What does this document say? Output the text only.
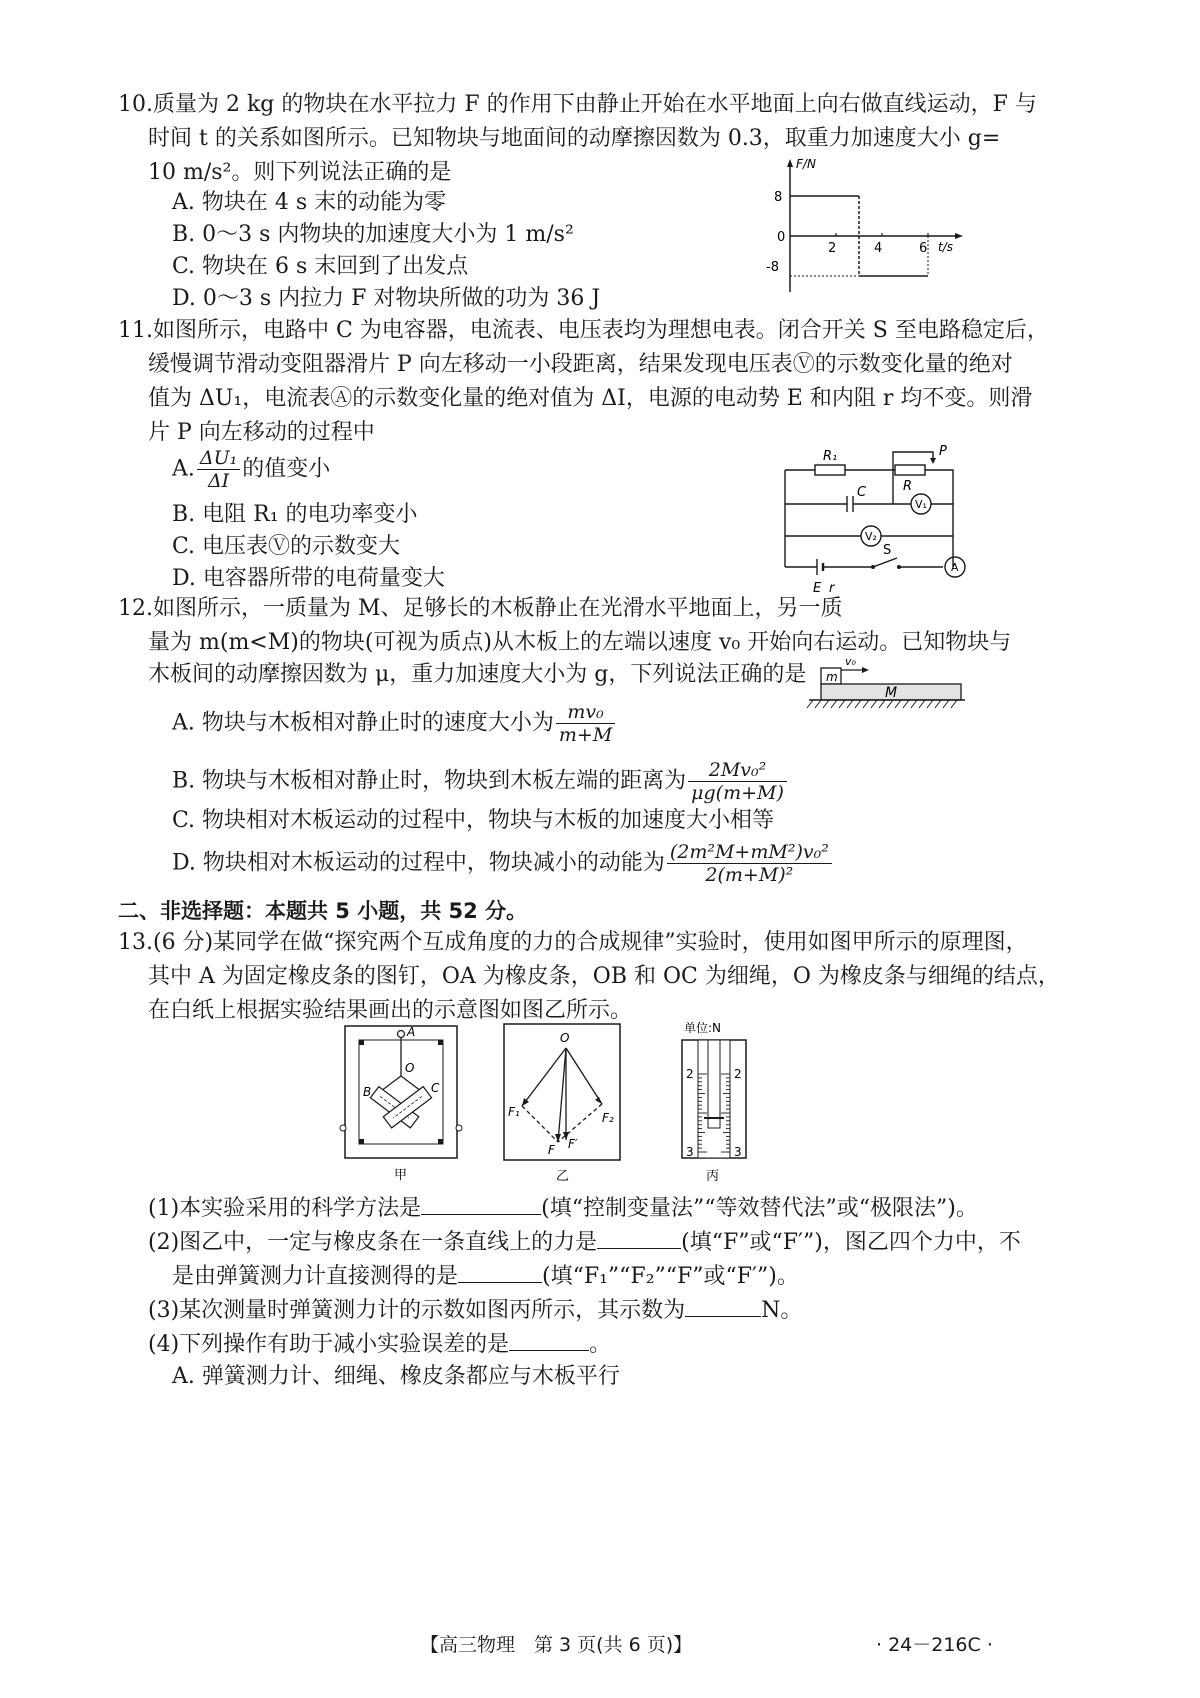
10.质量为 2 kg 的物块在水平拉力 F 的作用下由静止开始在水平地面上向右做直线运动，F 与
时间 t 的关系如图所示。已知物块与地面间的动摩擦因数为 0.3，取重力加速度大小 g=
10 m/s²。则下列说法正确的是
A. 物块在 4 s 末的动能为零
B. 0～3 s 内物块的加速度大小为 1 m/s²
C. 物块在 6 s 末回到了出发点
D. 0～3 s 内拉力 F 对物块所做的功为 36 J
F/N
t/s
8
0
-8
2	4	6
11.如图所示，电路中 C 为电容器，电流表、电压表均为理想电表。闭合开关 S 至电路稳定后，
缓慢调节滑动变阻器滑片 P 向左移动一小段距离，结果发现电压表Ⓥ的示数变化量的绝对
值为 ΔU₁，电流表Ⓐ的示数变化量的绝对值为 ΔI，电源的电动势 E 和内阻 r 均不变。则滑
片 P 向左移动的过程中
A. $\frac{\text{ΔU₁}}{\Delta I}$ 的值变小
B. 电阻 R₁ 的电功率变小
C. 电压表Ⓥ的示数变大
D. 电容器所带的电荷量变大
R₁	P
R
C
V₁
V₂
A
S
E r
12.如图所示，一质量为 M、足够长的木板静止在光滑水平地面上，另一质
量为 m(m<M)的物块(可视为质点)从木板上的左端以速度 v₀ 开始向右运动。已知物块与
木板间的动摩擦因数为 μ，重力加速度大小为 g，下列说法正确的是 m
v₀
M
A. 物块与木板相对静止时的速度大小为 $\frac{\text{mv₀}}{m+M}$
B. 物块与木板相对静止时，物块到木板左端的距离为 $\frac{\text{2Mv₀²}}{\mu g(m+M)}$
C. 物块相对木板运动的过程中，物块与木板的加速度大小相等
D. 物块相对木板运动的过程中，物块减小的动能为 $\frac{\text{(2m²M+mM²)v₀²}}{\text{2(m+M)²}}$
二、非选择题：本题共 5 小题，共 52 分。
13.(6 分)某同学在做“探究两个互成角度的力的合成规律”实验时，使用如图甲所示的原理图，
其中 A 为固定橡皮条的图钉，OA 为橡皮条，OB 和 OC 为细绳，O 为橡皮条与细绳的结点，
在白纸上根据实验结果画出的示意图如图乙所示。
A
O
B	C
甲
O
F₁	F₂
F F′
乙
单位:N
2	2
3	3
丙
(1)本实验采用的科学方法是	(填“控制变量法”“等效替代法”或“极限法”)。
(2)图乙中，一定与橡皮条在一条直线上的力是	(填“F”或“F′”)，图乙四个力中，不
是由弹簧测力计直接测得的是	(填“F₁”“F₂”“F”或“F′”)。
(3)某次测量时弹簧测力计的示数如图丙所示，其示数为	N。
(4)下列操作有助于减小实验误差的是	。
A. 弹簧测力计、细绳、橡皮条都应与木板平行
【高三物理　第 3 页(共 6 页)】	· 24－216C ·
